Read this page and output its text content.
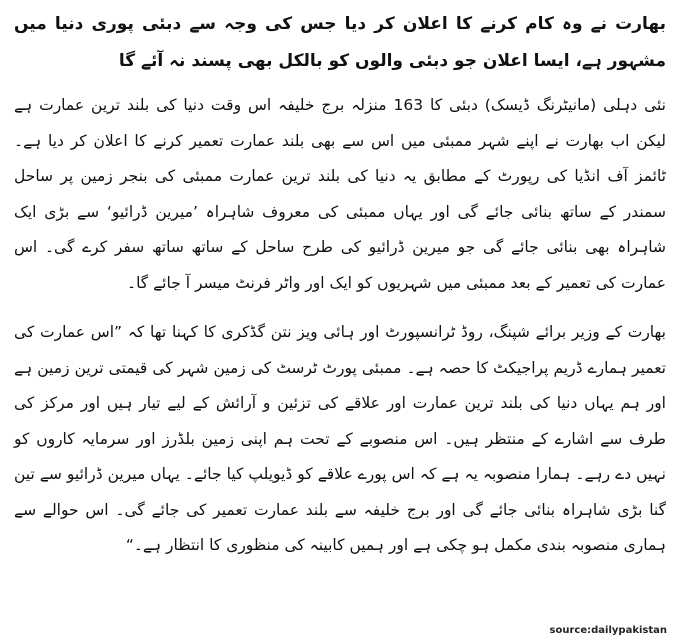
بھارت نے وہ کام کرنے کا اعلان کر دیا جس کی وجہ سے دبئی پوری دنیا میں مشہور ہے، ایسا اعلان جو دبئی والوں کو بالکل بھی پسند نہ آئے گا

نئی دہلی (مانیٹرنگ ڈیسک) دبئی کا 163 منزلہ برج خلیفہ اس وقت دنیا کی بلند ترین عمارت ہے لیکن اب بھارت نے اپنے شہر ممبئی میں اس سے بھی بلند عمارت تعمیر کرنے کا اعلان کر دیا ہے۔ ٹائمز آف انڈیا کی رپورٹ کے مطابق یہ دنیا کی بلند ترین عمارت ممبئی کی بنجر زمین پر ساحل سمندر کے ساتھ بنائی جائے گی اور یہاں ممبئی کی معروف شاہراہ ’میرین ڈرائیو‘ سے بڑی ایک شاہراہ بھی بنائی جائے گی جو میرین ڈرائیو کی طرح ساحل کے ساتھ ساتھ سفر کرے گی۔ اس عمارت کی تعمیر کے بعد ممبئی میں شہریوں کو ایک اور واٹر فرنٹ میسر آ جائے گا۔

بھارت کے وزیر برائے شپنگ، روڈ ٹرانسپورٹ اور ہائی ویز نتن گڈکری کا کہنا تھا کہ ”اس عمارت کی تعمیر ہمارے ڈریم پراجیکٹ کا حصہ ہے۔ ممبئی پورٹ ٹرسٹ کی زمین شہر کی قیمتی ترین زمین ہے اور ہم یہاں دنیا کی بلند ترین عمارت اور علاقے کی تزئین و آرائش کے لیے تیار ہیں اور مرکز کی طرف سے اشارے کے منتظر ہیں۔ اس منصوبے کے تحت ہم اپنی زمین بلڈرز اور سرمایہ کاروں کو نہیں دے رہے۔ ہمارا منصوبہ یہ ہے کہ اس پورے علاقے کو ڈیویلپ کیا جائے۔ یہاں میرین ڈرائیو سے تین گنا بڑی شاہراہ بنائی جائے گی اور برج خلیفہ سے بلند عمارت تعمیر کی جائے گی۔ اس حوالے سے ہماری منصوبہ بندی مکمل ہو چکی ہے اور ہمیں کابینہ کی منظوری کا انتظار ہے۔“

source:dailypakistan
